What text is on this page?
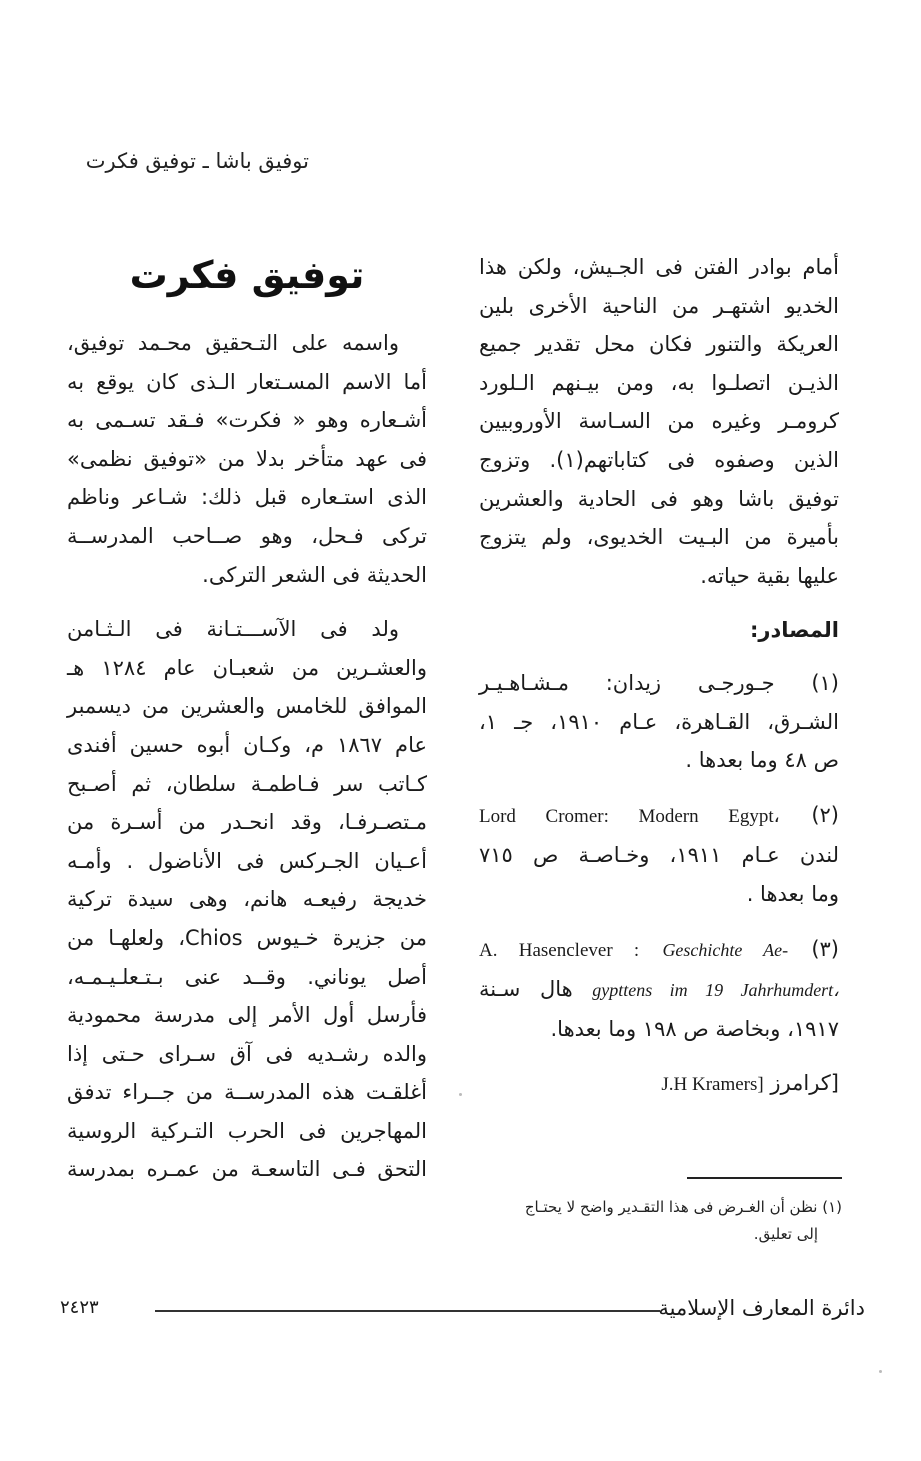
توفيق باشا ـ توفيق فكرت
أمام بوادر الفتن فى الجـيش، ولكن هذا
الخديو اشتهـر من الناحية الأخرى بلين
العريكة والتنور فكان محل تقدير جميع
الذيـن اتصلـوا به، ومن بيـنهم الـلورد
كرومـر وغيره من السـاسة الأوروبيين
الذين وصفوه فى كتاباتهم(١). وتزوج
توفيق باشا وهو فى الحادية والعشرين
بأميرة من البـيت الخديوى، ولم يتزوج
عليها بقية حياته.
المصادر:
(١) جـورجـى زيدان: مـشـاهـيـر
الشـرق، القـاهرة، عـام ١٩١٠، جـ ١،
ص ٤٨ وما بعدها .
(٢) Lord Cromer: Modern Egypt،
لندن عـام ١٩١١، وخـاصـة ص ٧١٥
وما بعدها .
(٣) A. Hasenclever : Geschichte Ae-
gypttens im 19 Jahrhumdert، هال سـنة
١٩١٧، وبخاصة ص ١٩٨ وما بعدها.
[كرامرز J.H Kramers]
توفيق فكرت
واسمه على التـحقيق محـمد توفيق،
أما الاسم المسـتعار الـذى كان يوقع به
أشـعاره وهو « فكرت» فـقد تسـمى به
فى عهد متأخر بدلا من «توفيق نظمى»
الذى استـعاره قبل ذلك: شـاعر وناظم
تركى فـحل، وهو صــاحب المدرســة
الحديثة فى الشعر التركى.
ولد فى الآســـتـانة فى الـثـامن
والعشـرين من شعبـان عام ١٢٨٤ هـ
الموافق للخامس والعشرين من ديسمبر
عام ١٨٦٧ م، وكـان أبوه حسين أفندى
كـاتب سر فـاطمـة سلطان، ثم أصـبح
مـتصـرفـا، وقد انحـدر من أسـرة من
أعـيان الجـركس فى الأناضول . وأمـه
خديجة رفيعـه هانم، وهى سيدة تركية
من جزيرة خـيوس Chios، ولعلهـا من
أصل يوناني. وقــد عنى بـتـعلـيـمـه،
فأرسل أول الأمر إلى مدرسة محمودية
والده رشـديه فى آق سـراى حـتى إذا
أغلقـت هذه المدرســة من جــراء تدفق
المهاجرين فى الحرب التـركية الروسية
التحق فـى التاسعـة من عمـره بمدرسة
(١) نظن أن الغـرض فى هذا التقـدير واضح لا يحتـاج
إلى تعليق.
دائرة المعارف الإسلامية
٢٤٢٣
